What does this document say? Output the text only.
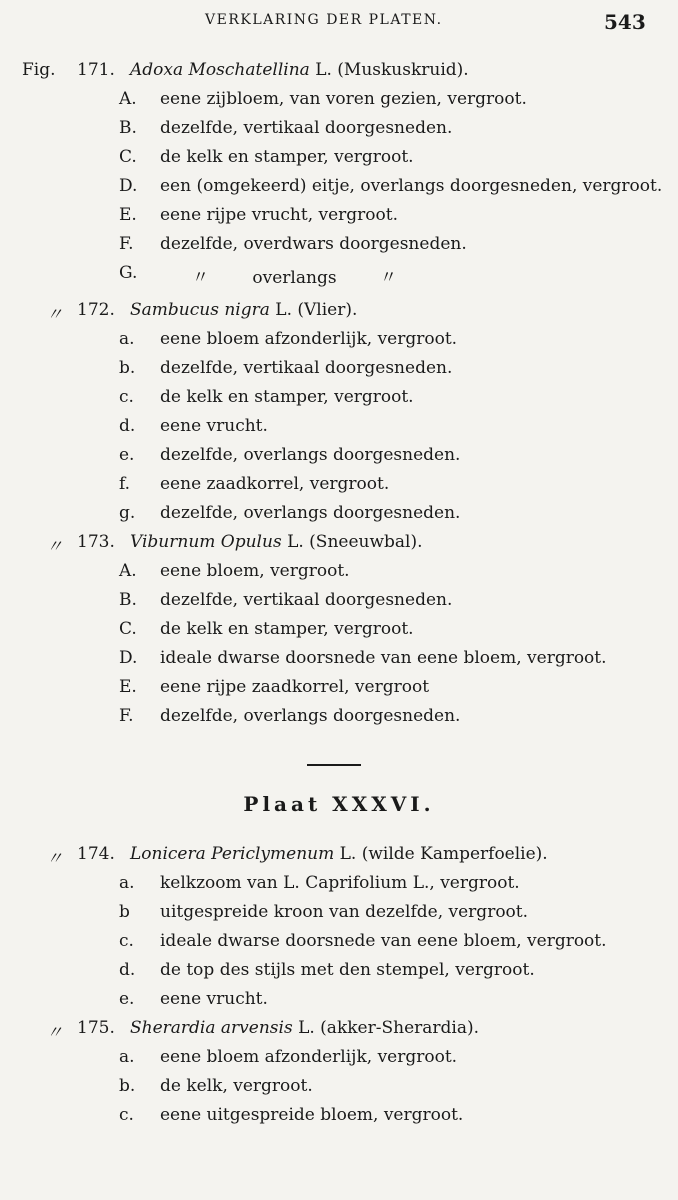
VERKLARING DER PLATEN.	543
Fig. 171. Adoxa Moschatellina L. (Muskuskruid).
A.	eene zijbloem, van voren gezien, vergroot.
B.	dezelfde, vertikaal doorgesneden.
C.	de kelk en stamper, vergroot.
D.	een (omgekeerd) eitje, overlangs doorgesneden, vergroot.
E.	eene rijpe vrucht, vergroot.
F.	dezelfde, overdwars doorgesneden.
G.	〃 overlangs 〃
〃 172. Sambucus nigra L. (Vlier).
a.	eene bloem afzonderlijk, vergroot.
b.	dezelfde, vertikaal doorgesneden.
c.	de kelk en stamper, vergroot.
d.	eene vrucht.
e.	dezelfde, overlangs doorgesneden.
f.	eene zaadkorrel, vergroot.
g.	dezelfde, overlangs doorgesneden.
〃 173. Viburnum Opulus L. (Sneeuwbal).
A.	eene bloem, vergroot.
B.	dezelfde, vertikaal doorgesneden.
C.	de kelk en stamper, vergroot.
D.	ideale dwarse doorsnede van eene bloem, vergroot.
E.	eene rijpe zaadkorrel, vergroot
F.	dezelfde, overlangs doorgesneden.
Plaat XXXVI.
〃 174. Lonicera Periclymenum L. (wilde Kamperfoelie).
a.	kelkzoom van L. Caprifolium L., vergroot.
b	uitgespreide kroon van dezelfde, vergroot.
c.	ideale dwarse doorsnede van eene bloem, vergroot.
d.	de top des stijls met den stempel, vergroot.
e.	eene vrucht.
〃 175. Sherardia arvensis L. (akker-Sherardia).
a.	eene bloem afzonderlijk, vergroot.
b.	de kelk, vergroot.
c.	eene uitgespreide bloem, vergroot.
